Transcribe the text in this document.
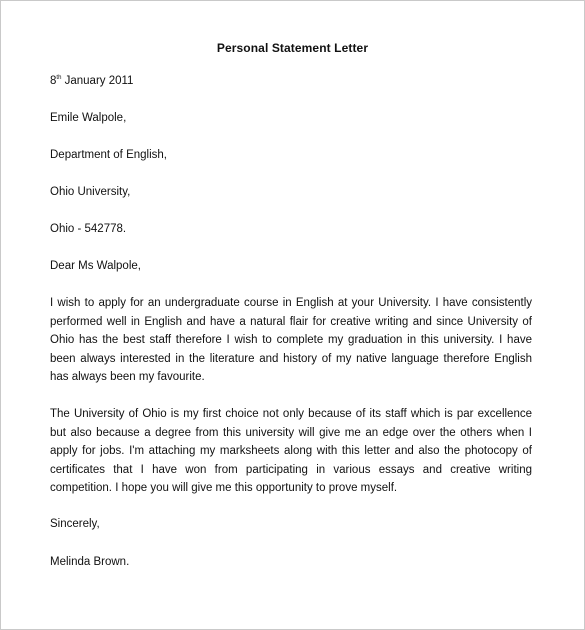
Personal Statement Letter
8th January 2011
Emile Walpole,
Department of English,
Ohio University,
Ohio - 542778.
Dear Ms Walpole,
I wish to apply for an undergraduate course in English at your University. I have consistently performed well in English and have a natural flair for creative writing and since University of Ohio has the best staff therefore I wish to complete my graduation in this university. I have been always interested in the literature and history of my native language therefore English has always been my favourite.
The University of Ohio is my first choice not only because of its staff which is par excellence but also because a degree from this university will give me an edge over the others when I apply for jobs. I'm attaching my marksheets along with this letter and also the photocopy of certificates that I have won from participating in various essays and creative writing competition. I hope you will give me this opportunity to prove myself.
Sincerely,
Melinda Brown.
